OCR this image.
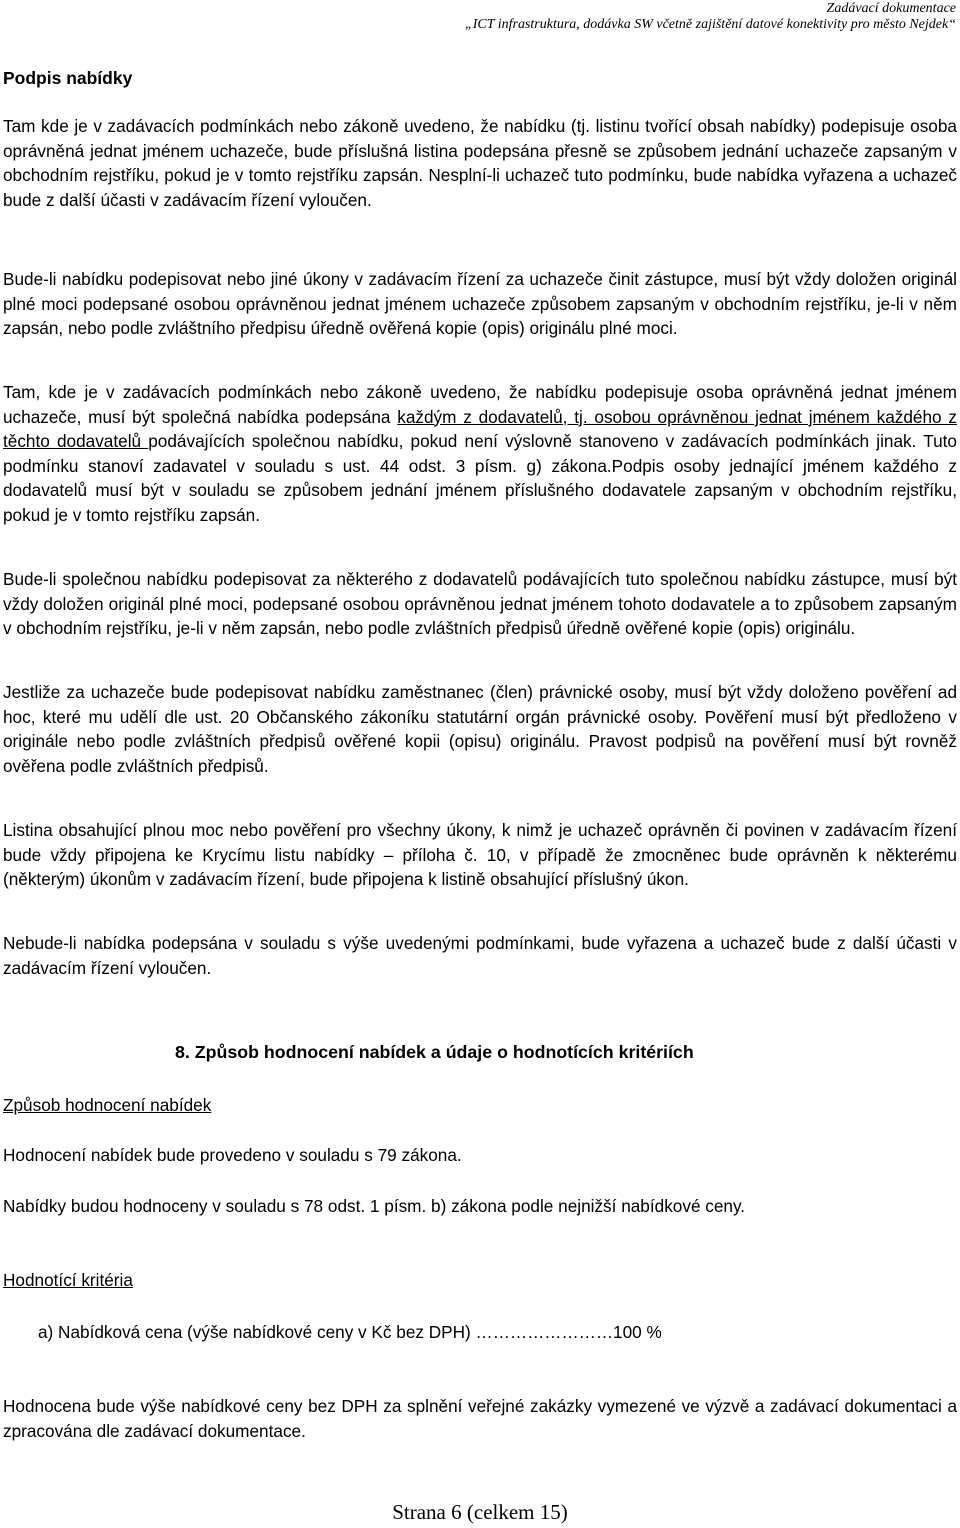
Zadávací dokumentace
„ICT infrastruktura, dodávka SW včetně zajištění datové konektivity pro město Nejdek“
Podpis nabídky

Tam kde je v zadávacích podmínkách nebo zákoně uvedeno, že nabídku (tj. listinu tvořící obsah nabídky) podepisuje osoba oprávněná jednat jménem uchazeče, bude příslušná listina podepsána přesně se způsobem jednání uchazeče zapsaným v obchodním rejstříku, pokud je v tomto rejstříku zapsán. Nesplní-li uchazeč tuto podmínku, bude nabídka vyřazena a uchazeč bude z další účasti v zadávacím řízení vyloučen.

Bude-li nabídku podepisovat nebo jiné úkony v zadávacím řízení za uchazeče činit zástupce, musí být vždy doložen originál plné moci podepsané osobou oprávněnou jednat jménem uchazeče způsobem zapsaným v obchodním rejstříku, je-li v něm zapsán, nebo podle zvláštního předpisu úředně ověřená kopie (opis) originálu plné moci.

Tam, kde je v zadávacích podmínkách nebo zákoně uvedeno, že nabídku podepisuje osoba oprávněná jednat jménem uchazeče, musí být společná nabídka podepsána každým z dodavatelů, tj. osobou oprávněnou jednat jménem každého z těchto dodavatelů podávajících společnou nabídku, pokud není výslovně stanoveno v zadávacích podmínkách jinak. Tuto podmínku stanoví zadavatel v souladu s ust. 44 odst. 3 písm. g) zákona.Podpis osoby jednající jménem každého z dodavatelů musí být v souladu se způsobem jednání jménem příslušného dodavatele zapsaným v obchodním rejstříku, pokud je v tomto rejstříku zapsán.

Bude-li společnou nabídku podepisovat za některého z dodavatelů podávajících tuto společnou nabídku zástupce, musí být vždy doložen originál plné moci, podepsané osobou oprávněnou jednat jménem tohoto dodavatele a to způsobem zapsaným v obchodním rejstříku, je-li v něm zapsán, nebo podle zvláštních předpisů úředně ověřené kopie (opis) originálu.

Jestliže za uchazeče bude podepisovat nabídku zaměstnanec (člen) právnické osoby, musí být vždy doloženo pověření ad hoc, které mu udělí dle ust. 20 Občanského zákoníku statutární orgán právnické osoby. Pověření musí být předloženo v originále nebo podle zvláštních předpisů ověřené kopii (opisu) originálu. Pravost podpisů na pověření musí být rovněž ověřena podle zvláštních předpisů.

Listina obsahující plnou moc nebo pověření pro všechny úkony, k nimž je uchazeč oprávněn či povinen v zadávacím řízení bude vždy připojena ke Krycímu listu nabídky – příloha č. 10, v případě že zmocněnec bude oprávněn k některému (některým) úkonům v zadávacím řízení, bude připojena k listině obsahující příslušný úkon.

Nebude-li nabídka podepsána v souladu s výše uvedenými podmínkami, bude vyřazena a uchazeč bude z další účasti v zadávacím řízení vyloučen.

8. Způsob hodnocení nabídek a údaje o hodnotících kritériích
Způsob hodnocení nabídek
Hodnocení nabídek bude provedeno v souladu s 79 zákona.
Nabídky budou hodnoceny v souladu s 78 odst. 1 písm. b) zákona podle nejnižší nabídkové ceny.
Hodnotící kritéria
a) Nabídková cena (výše nabídkové ceny v Kč bez DPH) ……………………100 %
Hodnocena bude výše nabídkové ceny bez DPH za splnění veřejné zakázky vymezené ve výzvě a zadávací dokumentaci a zpracována dle zadávací dokumentace.
Strana 6 (celkem 15)
